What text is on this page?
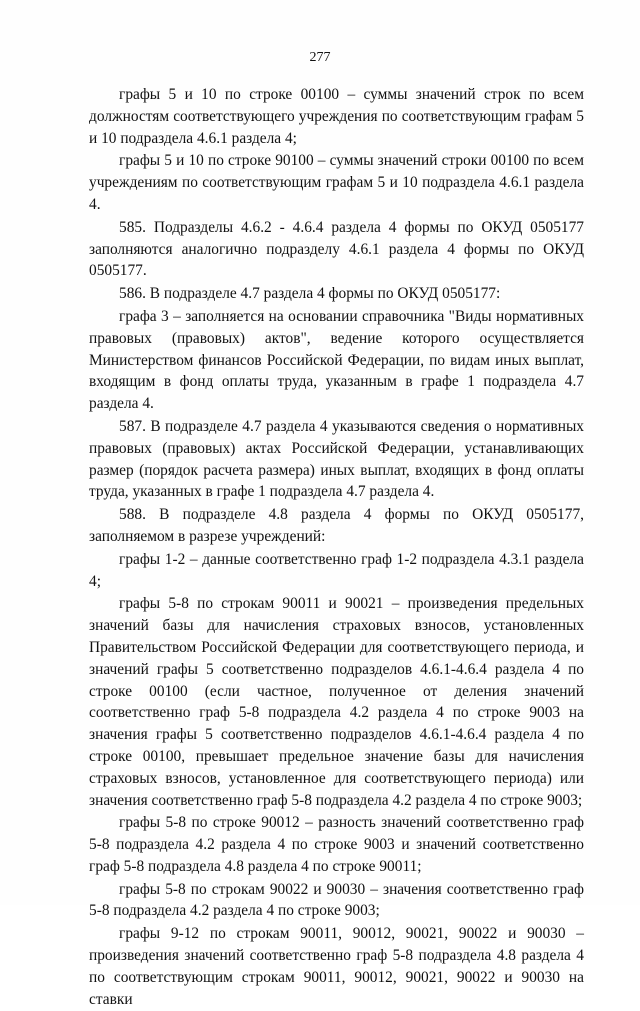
277

графы 5 и 10 по строке 00100 – суммы значений строк по всем должностям соответствующего учреждения по соответствующим графам 5 и 10 подраздела 4.6.1 раздела 4;

графы 5 и 10 по строке 90100 – суммы значений строки 00100 по всем учреждениям по соответствующим графам 5 и 10 подраздела 4.6.1 раздела 4.

585. Подразделы 4.6.2 - 4.6.4 раздела 4 формы по ОКУД 0505177 заполняются аналогично подразделу 4.6.1 раздела 4 формы по ОКУД 0505177.

586. В подразделе 4.7 раздела 4 формы по ОКУД 0505177:

графа 3 – заполняется на основании справочника "Виды нормативных правовых (правовых) актов", ведение которого осуществляется Министерством финансов Российской Федерации, по видам иных выплат, входящим в фонд оплаты труда, указанным в графе 1 подраздела 4.7 раздела 4.

587. В подразделе 4.7 раздела 4 указываются сведения о нормативных правовых (правовых) актах Российской Федерации, устанавливающих размер (порядок расчета размера) иных выплат, входящих в фонд оплаты труда, указанных в графе 1 подраздела 4.7 раздела 4.

588. В подразделе 4.8 раздела 4 формы по ОКУД 0505177, заполняемом в разрезе учреждений:

графы 1-2 – данные соответственно граф 1-2 подраздела 4.3.1 раздела 4;

графы 5-8 по строкам 90011 и 90021 – произведения предельных значений базы для начисления страховых взносов, установленных Правительством Российской Федерации для соответствующего периода, и значений графы 5 соответственно подразделов 4.6.1-4.6.4 раздела 4 по строке 00100 (если частное, полученное от деления значений соответственно граф 5-8 подраздела 4.2 раздела 4 по строке 9003 на значения графы 5 соответственно подразделов 4.6.1-4.6.4 раздела 4 по строке 00100, превышает предельное значение базы для начисления страховых взносов, установленное для соответствующего периода) или значения соответственно граф 5-8 подраздела 4.2 раздела 4 по строке 9003;

графы 5-8 по строке 90012 – разность значений соответственно граф 5-8 подраздела 4.2 раздела 4 по строке 9003 и значений соответственно граф 5-8 подраздела 4.8 раздела 4 по строке 90011;

графы 5-8 по строкам 90022 и 90030 – значения соответственно граф 5-8 подраздела 4.2 раздела 4 по строке 9003;

графы 9-12 по строкам 90011, 90012, 90021, 90022 и 90030 – произведения значений соответственно граф 5-8 подраздела 4.8 раздела 4 по соответствующим строкам 90011, 90012, 90021, 90022 и 90030 на ставки
